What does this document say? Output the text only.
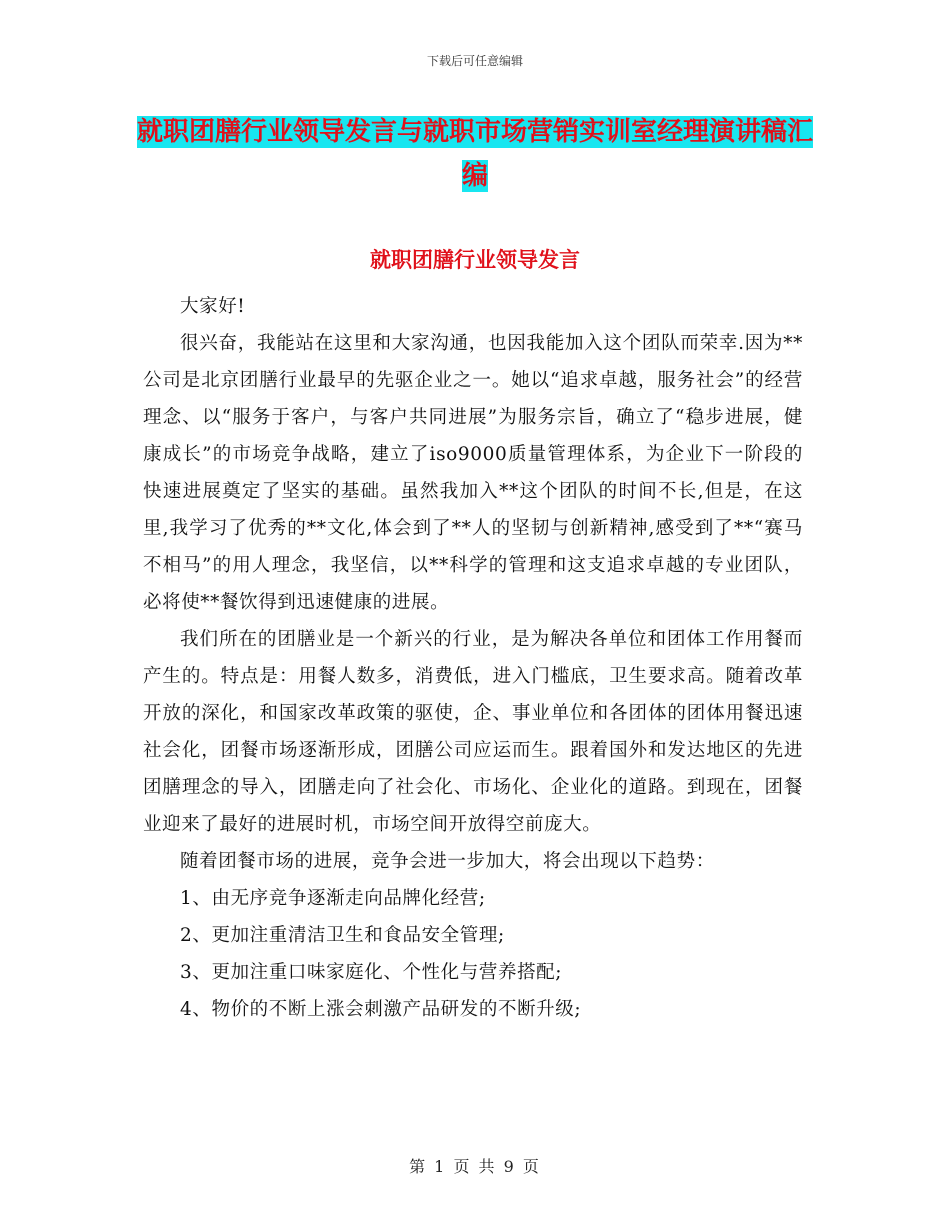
下载后可任意编辑
就职团膳行业领导发言与就职市场营销实训室经理演讲稿汇编
就职团膳行业领导发言

大家好!

很兴奋，我能站在这里和大家沟通，也因我能加入这个团队而荣幸.因为**公司是北京团膳行业最早的先驱企业之一。她以“追求卓越，服务社会”的经营理念、以“服务于客户，与客户共同进展”为服务宗旨，确立了“稳步进展，健康成长”的市场竞争战略，建立了iso9000质量管理体系，为企业下一阶段的快速进展奠定了坚实的基础。虽然我加入**这个团队的时间不长,但是，在这里,我学习了优秀的**文化,体会到了**人的坚韧与创新精神,感受到了**“赛马不相马”的用人理念，我坚信，以**科学的管理和这支追求卓越的专业团队，必将使**餐饮得到迅速健康的进展。

我们所在的团膳业是一个新兴的行业，是为解决各单位和团体工作用餐而产生的。特点是：用餐人数多，消费低，进入门槛底，卫生要求高。随着改革开放的深化，和国家改革政策的驱使，企、事业单位和各团体的团体用餐迅速社会化，团餐市场逐渐形成，团膳公司应运而生。跟着国外和发达地区的先进团膳理念的导入，团膳走向了社会化、市场化、企业化的道路。到现在，团餐业迎来了最好的进展时机，市场空间开放得空前庞大。

随着团餐市场的进展，竞争会进一步加大，将会出现以下趋势：

1、由无序竞争逐渐走向品牌化经营;

2、更加注重清洁卫生和食品安全管理;

3、更加注重口味家庭化、个性化与营养搭配;

4、物价的不断上涨会刺激产品研发的不断升级;

第 1 页 共 9 页
